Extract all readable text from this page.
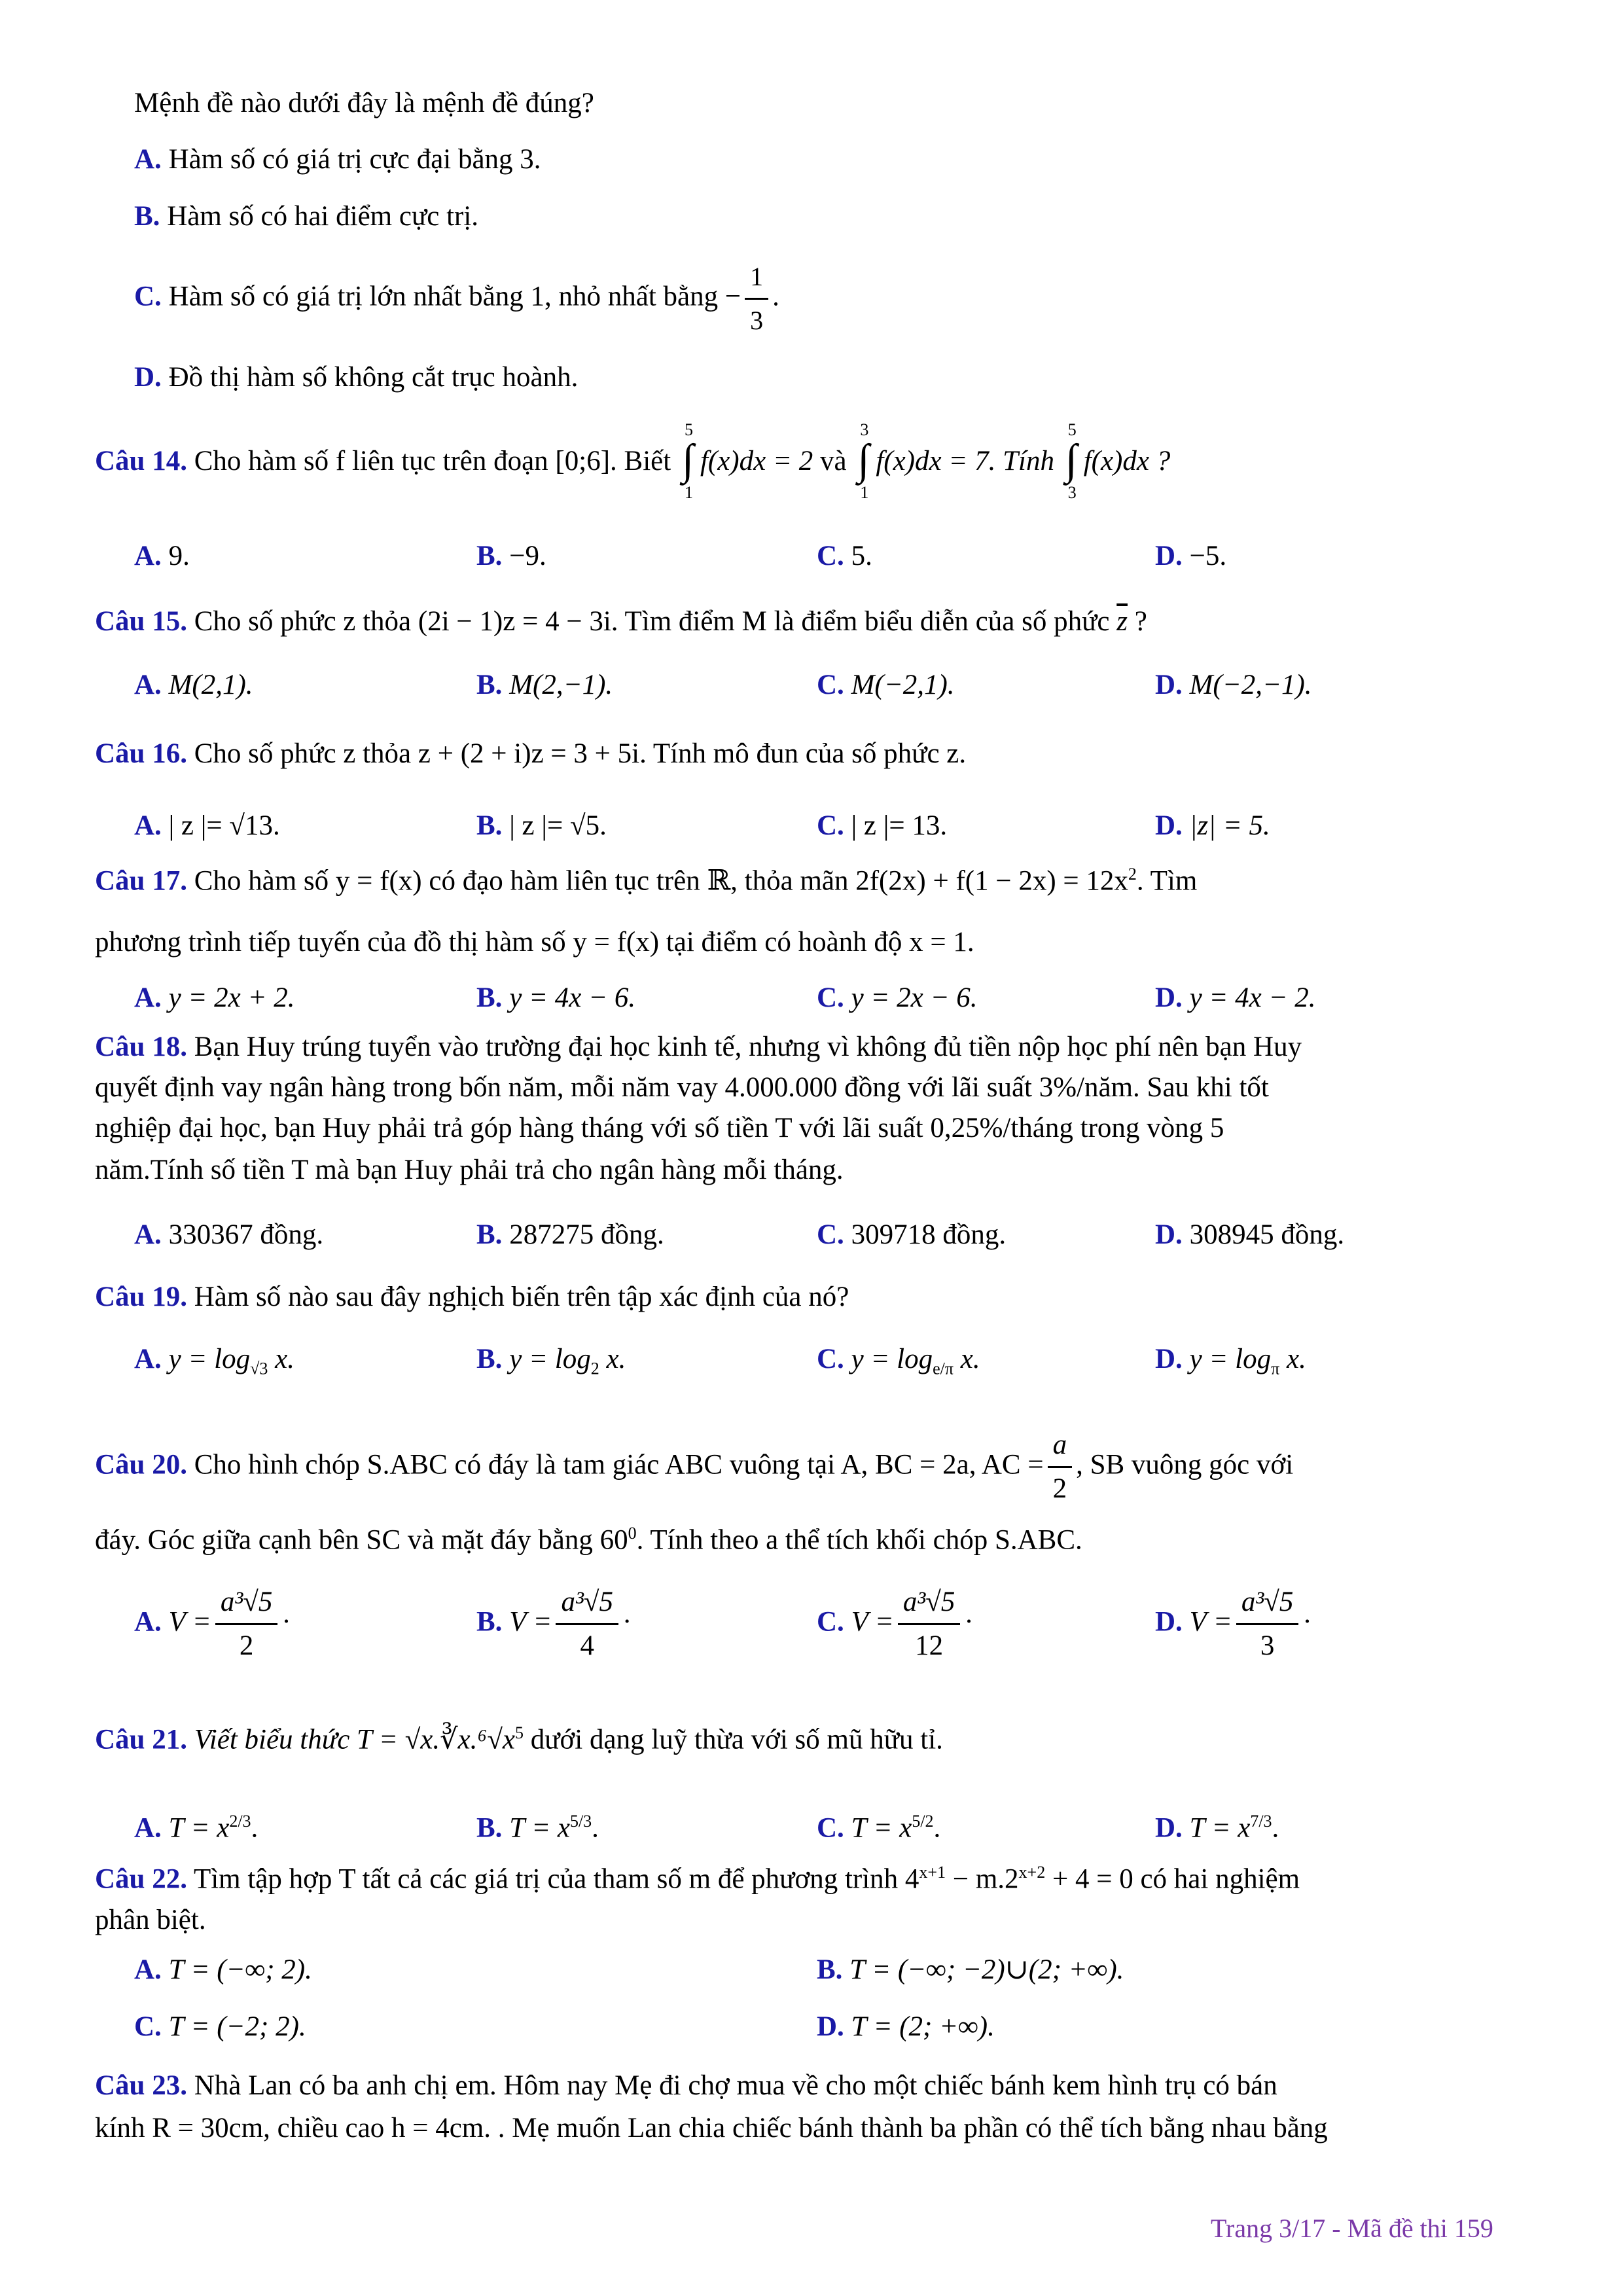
Mệnh đề nào dưới đây là mệnh đề đúng?
A. Hàm số có giá trị cực đại bằng 3.
B. Hàm số có hai điểm cực trị.
C. Hàm số có giá trị lớn nhất bằng 1, nhỏ nhất bằng − $\frac{1}{3}$ .
D. Đồ thị hàm số không cắt trục hoành.
Câu 14. Cho hàm số f liên tục trên đoạn [0;6]. Biết
5
∫
1
f(x)dx = 2 và
3
∫
1
f(x)dx = 7. Tính
5
∫
3
f(x)dx ?
A. 9.	B. −9.	C. 5.	D. −5.
Câu 15. Cho số phức z thỏa (2i − 1)z = 4 − 3i. Tìm điểm M là điểm biểu diễn của số phức $\overline{z}$ ?
A. M(2,1).	B. M(2,−1).	C. M(−2,1).	D. M(−2,−1).
Câu 16. Cho số phức z thỏa z + (2 + i)z = 3 + 5i. Tính mô đun của số phức z.
A. | z |= √13.	B. | z |= √5.	C. | z |= 13.	D. |z| = 5.
Câu 17. Cho hàm số y = f(x) có đạo hàm liên tục trên ℝ, thỏa mãn $2f(2x) + f(1 - 2x) = 12x^2$. Tìm
phương trình tiếp tuyến của đồ thị hàm số y = f(x) tại điểm có hoành độ x = 1.
A. y = 2x + 2.	B. y = 4x − 6.	C. y = 2x − 6.	D. y = 4x − 2.
Câu 18. Bạn Huy trúng tuyển vào trường đại học kinh tế, nhưng vì không đủ tiền nộp học phí nên bạn Huy
quyết định vay ngân hàng trong bốn năm, mỗi năm vay 4.000.000 đồng với lãi suất 3%/năm. Sau khi tốt
nghiệp đại học, bạn Huy phải trả góp hàng tháng với số tiền T với lãi suất 0,25%/tháng trong vòng 5
năm.Tính số tiền T mà bạn Huy phải trả cho ngân hàng mỗi tháng.
A. 330367 đồng.	B. 287275 đồng.	C. 309718 đồng.	D. 308945 đồng.
Câu 19. Hàm số nào sau đây nghịch biến trên tập xác định của nó?
A. $y = \log_{√3} x$.	B. $y = \log_2 x$.	C. $y = \log_{e/\pi} x$.	D. $y = \log_\pi x$.
Câu 20. Cho hình chóp S.ABC có đáy là tam giác ABC vuông tại A, BC = 2a, AC = $\frac{a}{2}$ , SB vuông góc với
đáy. Góc giữa cạnh bên SC và mặt đáy bằng $60^0$. Tính theo a thể tích khối chóp S.ABC.
A. $V = \frac{\text{a³√5}}{2}$ ·	B. $V = \frac{\text{a³√5}}{4}$ ·	C. $V = \frac{\text{a³√5}}{12}$ ·	D. $V = \frac{\text{a³√5}}{3}$ ·
Câu 21. Viết biểu thức $T = √x.∛x.^6√x^5$ dưới dạng luỹ thừa với số mũ hữu tỉ.
A. $T = x^{2/3}$.	B. $T = x^{5/3}$.	C. $T = x^{5/2}$.	D. $T = x^{7/3}$.
Câu 22. Tìm tập hợp T tất cả các giá trị của tham số m để phương trình $4^{x+1} - m.2^{x+2} + 4 = 0$ có hai nghiệm
phân biệt.
A. T = (−∞; 2).	B. T = (−∞; −2)∪(2; +∞).
C. T = (−2; 2).	D. T = (2; +∞).
Câu 23. Nhà Lan có ba anh chị em. Hôm nay Mẹ đi chợ mua về cho một chiếc bánh kem hình trụ có bán
kính R = 30cm, chiều cao h = 4cm. . Mẹ muốn Lan chia chiếc bánh thành ba phần có thể tích bằng nhau bằng
Trang 3/17 - Mã đề thi 159
